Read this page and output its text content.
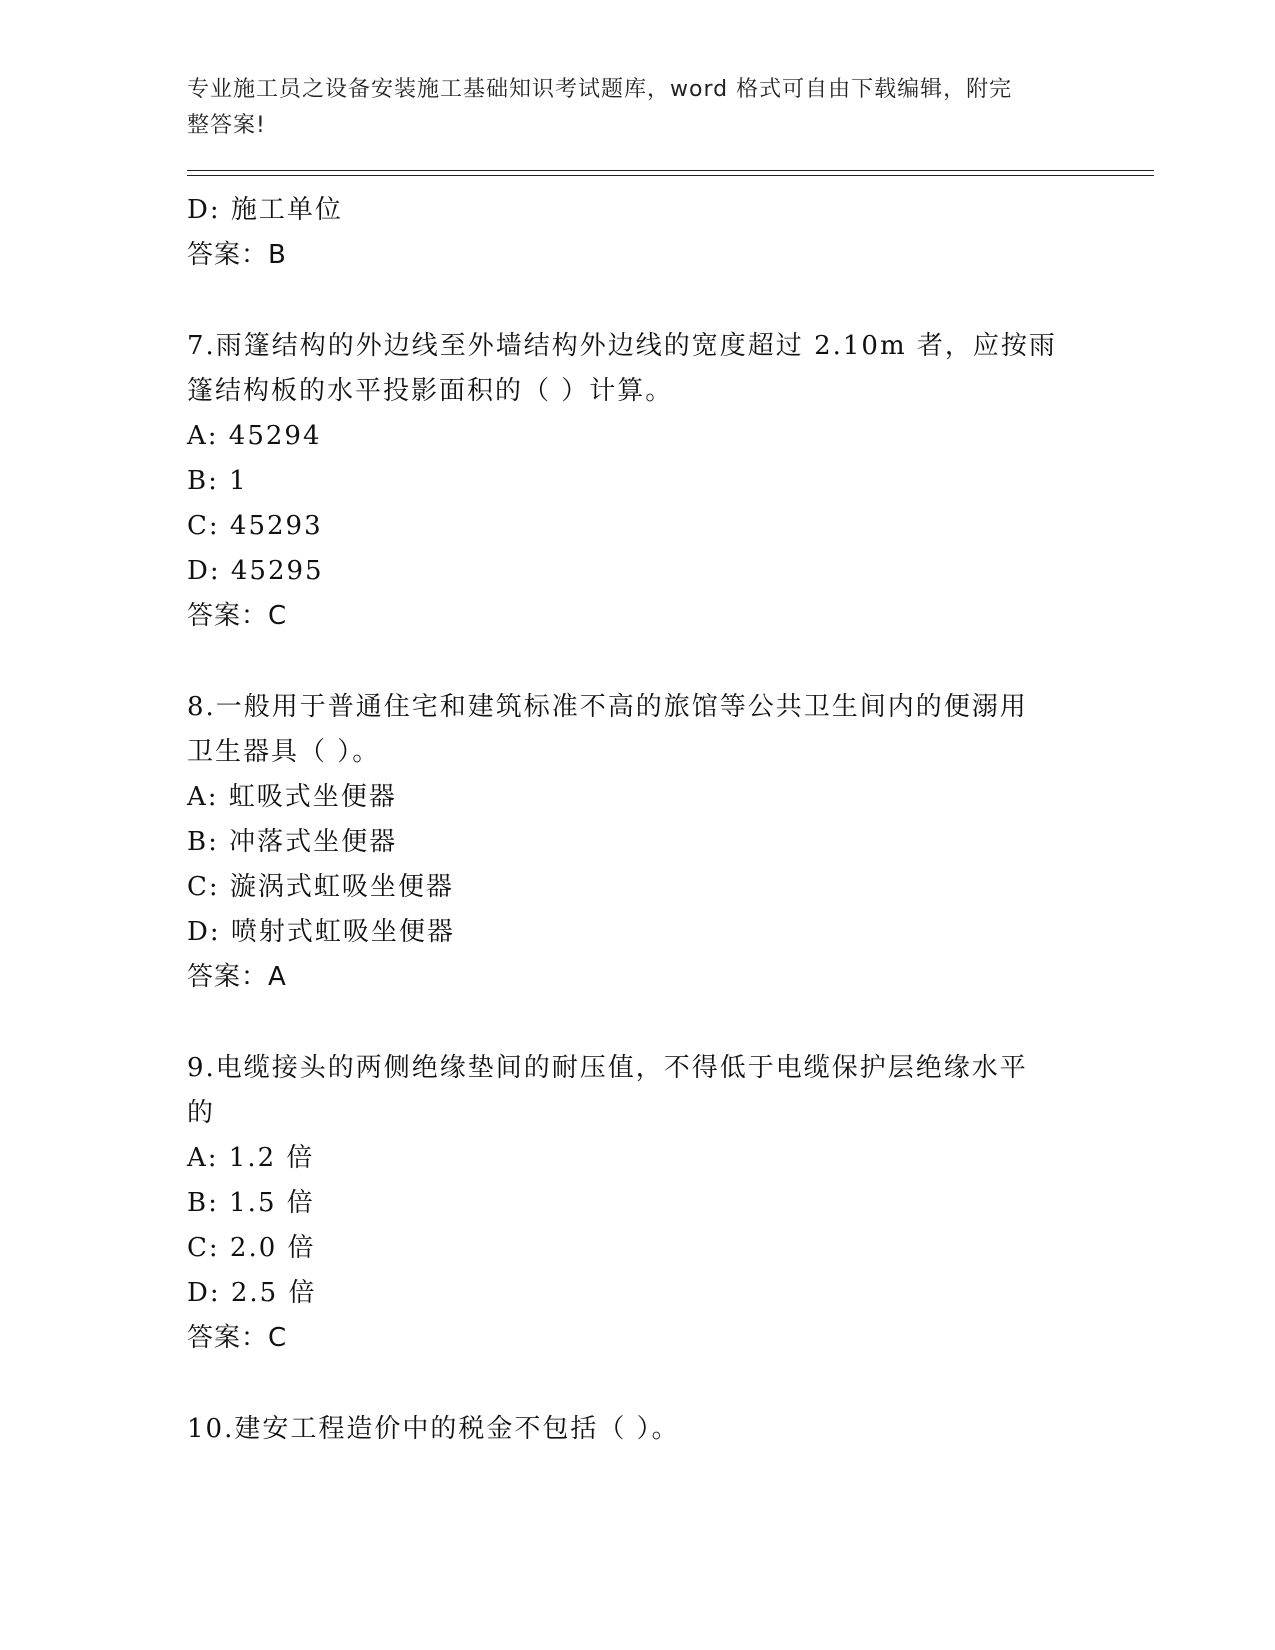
专业施工员之设备安装施工基础知识考试题库，word 格式可自由下载编辑，附完
整答案!
D: 施工单位
答案：B
7.雨篷结构的外边线至外墙结构外边线的宽度超过 2.10m 者，应按雨
篷结构板的水平投影面积的（ ）计算。
A: 45294
B: 1
C: 45293
D: 45295
答案：C
8.一般用于普通住宅和建筑标准不高的旅馆等公共卫生间内的便溺用
卫生器具（ ）。
A: 虹吸式坐便器
B: 冲落式坐便器
C: 漩涡式虹吸坐便器
D: 喷射式虹吸坐便器
答案：A
9.电缆接头的两侧绝缘垫间的耐压值，不得低于电缆保护层绝缘水平
的
A: 1.2 倍
B: 1.5 倍
C: 2.0 倍
D: 2.5 倍
答案：C
10.建安工程造价中的税金不包括（ ）。
